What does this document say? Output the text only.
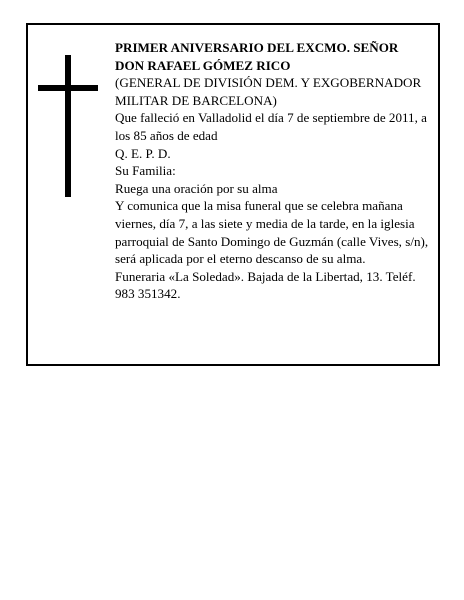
PRIMER ANIVERSARIO DEL EXCMO. SEÑOR

DON RAFAEL GÓMEZ RICO

(GENERAL DE DIVISIÓN DEM. Y EXGOBERNADOR MILITAR DE BARCELONA)

Que falleció en Valladolid el día 7 de septiembre de 2011, a los 85 años de edad

Q. E. P. D.

Su Familia:

Ruega una oración por su alma

Y comunica que la misa funeral que se celebra mañana viernes, día 7, a las siete y media de la tarde, en la iglesia parroquial de Santo Domingo de Guzmán (calle Vives, s/n), será aplicada por el eterno descanso de su alma.

Funeraria «La Soledad». Bajada de la Libertad, 13. Teléf. 983 351342.
